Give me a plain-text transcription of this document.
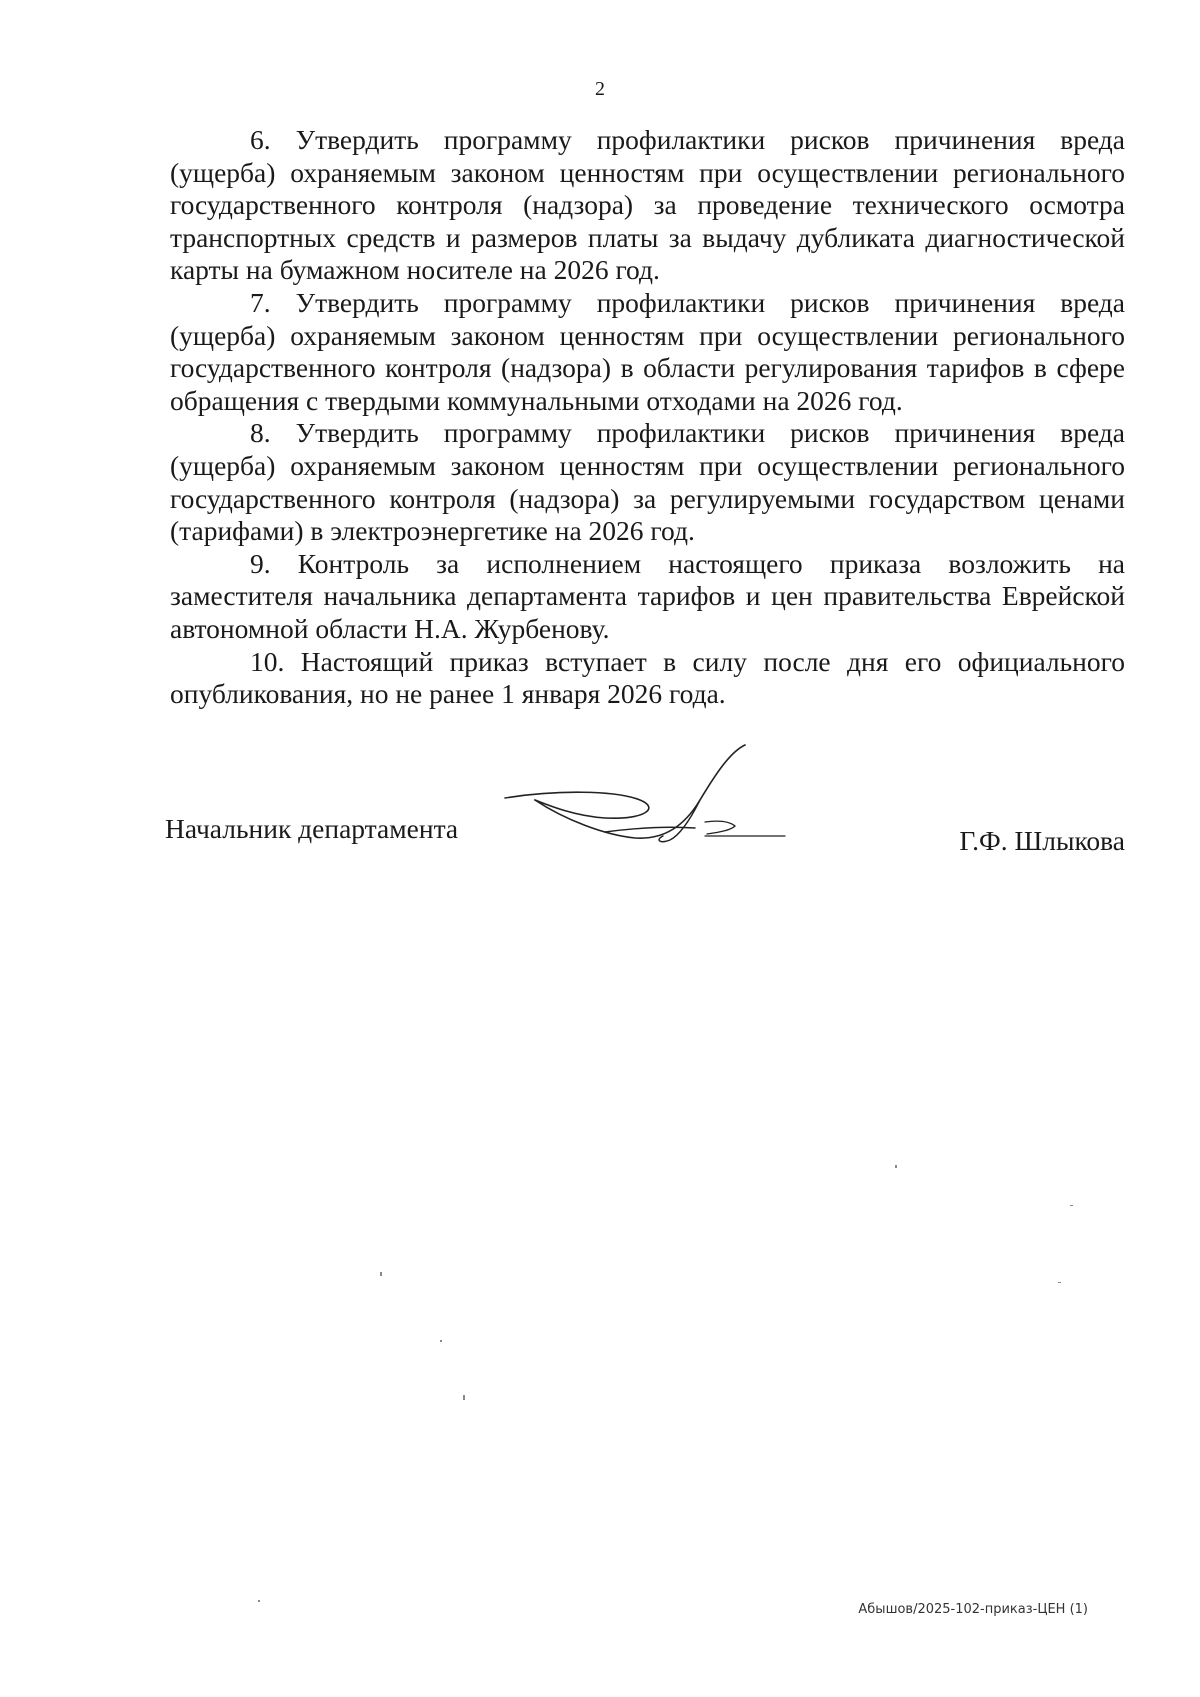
2

6. Утвердить программу профилактики рисков причинения вреда (ущерба) охраняемым законом ценностям при осуществлении регионального государственного контроля (надзора) за проведение технического осмотра транспортных средств и размеров платы за выдачу дубликата диагностической карты на бумажном носителе на 2026 год.

7. Утвердить программу профилактики рисков причинения вреда (ущерба) охраняемым законом ценностям при осуществлении регионального государственного контроля (надзора) в области регулирования тарифов в сфере обращения с твердыми коммунальными отходами на 2026 год.

8. Утвердить программу профилактики рисков причинения вреда (ущерба) охраняемым законом ценностям при осуществлении регионального государственного контроля (надзора) за регулируемыми государством ценами (тарифами) в электроэнергетике на 2026 год.

9. Контроль за исполнением настоящего приказа возложить на заместителя начальника департамента тарифов и цен правительства Еврейской автономной области Н.А. Журбенову.

10. Настоящий приказ вступает в силу после дня его официального опубликования, но не ранее 1 января 2026 года.

Начальник департамента	Г.Ф. Шлыкова
Абышов/2025-102-приказ-ЦЕН (1)
